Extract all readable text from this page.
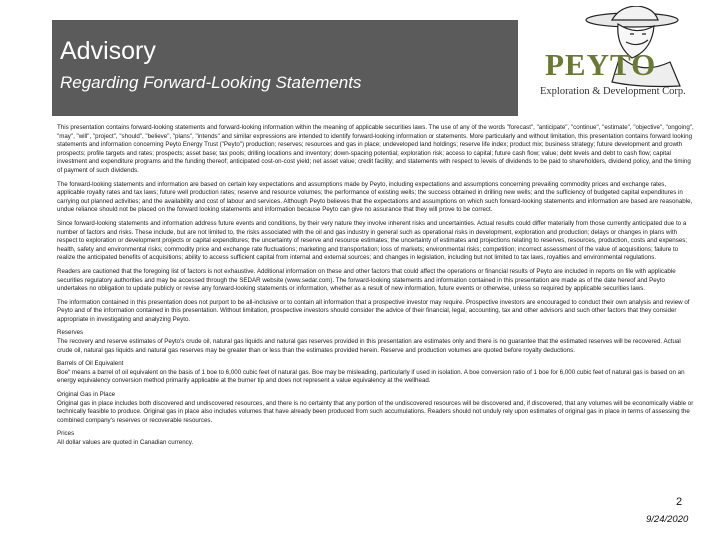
Advisory
Regarding Forward-Looking Statements
PEYTO
Exploration & Development Corp.

This presentation contains forward-looking statements and forward-looking information within the meaning of applicable securities laws. The use of any of the words "forecast", "anticipate", "continue", "estimate", "objective", "ongoing", "may", "will", "project", "should", "believe", "plans", "intends" and similar expressions are intended to identify forward-looking information or statements. More particularly and without limitation, this presentation contains forward looking statements and information concerning Peyto Energy Trust ("Peyto") production; reserves; resources and gas in place; undeveloped land holdings; reserve life index; product mix; business strategy; future development and growth prospects; profile targets and rates; prospects; asset base; tax pools; drilling locations and inventory; down-spacing potential; exploration risk; access to capital; future cash flow; value; debt levels and debt to cash flow; capital investment and expenditure programs and the funding thereof; anticipated cost-on-cost yield; net asset value; credit facility; and statements with respect to levels of dividends to be paid to shareholders, dividend policy, and the timing of payment of such dividends.

The forward-looking statements and information are based on certain key expectations and assumptions made by Peyto, including expectations and assumptions concerning prevailing commodity prices and exchange rates, applicable royalty rates and tax laws; future well production rates; reserve and resource volumes; the performance of existing wells; the success obtained in drilling new wells; and the sufficiency of budgeted capital expenditures in carrying out planned activities; and the availability and cost of labour and services. Although Peyto believes that the expectations and assumptions on which such forward-looking statements and information are based are reasonable, undue reliance should not be placed on the forward looking statements and information because Peyto can give no assurance that they will prove to be correct.

Since forward-looking statements and information address future events and conditions, by their very nature they involve inherent risks and uncertainties. Actual results could differ materially from those currently anticipated due to a number of factors and risks. These include, but are not limited to, the risks associated with the oil and gas industry in general such as operational risks in development, exploration and production; delays or changes in plans with respect to exploration or development projects or capital expenditures; the uncertainty of reserve and resource estimates; the uncertainty of estimates and projections relating to reserves, resources, production, costs and expenses; health, safety and environmental risks; commodity price and exchange rate fluctuations; marketing and transportation; loss of markets; environmental risks; competition; incorrect assessment of the value of acquisitions; failure to realize the anticipated benefits of acquisitions; ability to access sufficient capital from internal and external sources; and changes in legislation, including but not limited to tax laws, royalties and environmental regulations.

Readers are cautioned that the foregoing list of factors is not exhaustive. Additional information on these and other factors that could affect the operations or financial results of Peyto are included in reports on file with applicable securities regulatory authorities and may be accessed through the SEDAR website (www.sedar.com). The forward-looking statements and information contained in this presentation are made as of the date hereof and Peyto undertakes no obligation to update publicly or revise any forward-looking statements or information, whether as a result of new information, future events or otherwise, unless so required by applicable securities laws.

The information contained in this presentation does not purport to be all-inclusive or to contain all information that a prospective investor may require. Prospective investors are encouraged to conduct their own analysis and review of Peyto and of the information contained in this presentation. Without limitation, prospective investors should consider the advice of their financial, legal, accounting, tax and other advisors and such other factors that they consider appropriate in investigating and analyzing Peyto.

Reserves
The recovery and reserve estimates of Peyto's crude oil, natural gas liquids and natural gas reserves provided in this presentation are estimates only and there is no guarantee that the estimated reserves will be recovered. Actual crude oil, natural gas liquids and natural gas reserves may be greater than or less than the estimates provided herein. Reserve and production volumes are quoted before royalty deductions.

Barrels of Oil Equivalent
Boe" means a barrel of oil equivalent on the basis of 1 boe to 6,000 cubic feet of natural gas. Boe may be misleading, particularly if used in isolation. A boe conversion ratio of 1 boe for 6,000 cubic feet of natural gas is based on an energy equivalency conversion method primarily applicable at the burner tip and does not represent a value equivalency at the wellhead.

Original Gas in Place
Original gas in place includes both discovered and undiscovered resources, and there is no certainty that any portion of the undiscovered resources will be discovered and, if discovered, that any volumes will be economically viable or technically feasible to produce. Original gas in place also includes volumes that have already been produced from such accumulations. Readers should not unduly rely upon estimates of original gas in place in terms of assessing the combined company's reserves or recoverable resources.

Prices
All dollar values are quoted in Canadian currency.

2
9/24/2020
